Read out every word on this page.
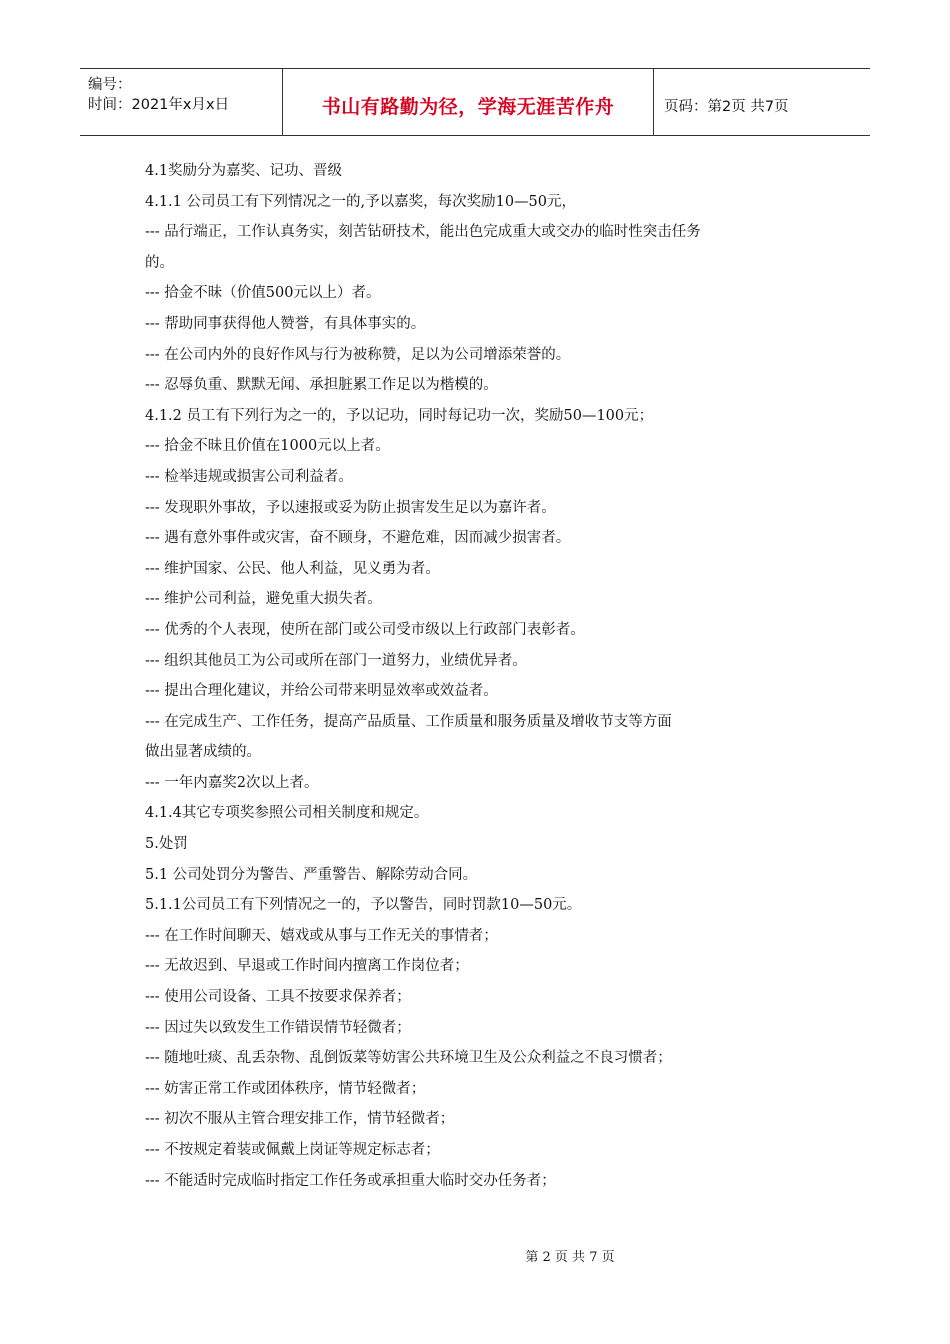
编号：
时间：2021年x月x日	书山有路勤为径，学海无涯苦作舟	页码：第2页 共7页
4.1奖励分为嘉奖、记功、晋级
4.1.1 公司员工有下列情况之一的,予以嘉奖，每次奖励10—50元，
--- 品行端正，工作认真务实，刻苦钻研技术，能出色完成重大或交办的临时性突击任务
的。
--- 拾金不昧（价值500元以上）者。
--- 帮助同事获得他人赞誉，有具体事实的。
--- 在公司内外的良好作风与行为被称赞，足以为公司增添荣誉的。
--- 忍辱负重、默默无闻、承担脏累工作足以为楷模的。
4.1.2 员工有下列行为之一的，予以记功，同时每记功一次，奖励50—100元；
--- 拾金不昧且价值在1000元以上者。
--- 检举违规或损害公司利益者。
--- 发现职外事故，予以速报或妥为防止损害发生足以为嘉许者。
--- 遇有意外事件或灾害，奋不顾身，不避危难，因而减少损害者。
--- 维护国家、公民、他人利益，见义勇为者。
--- 维护公司利益，避免重大损失者。
--- 优秀的个人表现，使所在部门或公司受市级以上行政部门表彰者。
--- 组织其他员工为公司或所在部门一道努力，业绩优异者。
--- 提出合理化建议，并给公司带来明显效率或效益者。
--- 在完成生产、工作任务，提高产品质量、工作质量和服务质量及增收节支等方面
做出显著成绩的。
--- 一年内嘉奖2次以上者。
4.1.4其它专项奖参照公司相关制度和规定。
5.处罚
5.1 公司处罚分为警告、严重警告、解除劳动合同。
5.1.1公司员工有下列情况之一的，予以警告，同时罚款10—50元。
--- 在工作时间聊天、嬉戏或从事与工作无关的事情者；
--- 无故迟到、早退或工作时间内擅离工作岗位者；
--- 使用公司设备、工具不按要求保养者；
--- 因过失以致发生工作错误情节轻微者；
--- 随地吐痰、乱丢杂物、乱倒饭菜等妨害公共环境卫生及公众利益之不良习惯者；
--- 妨害正常工作或团体秩序，情节轻微者；
--- 初次不服从主管合理安排工作，情节轻微者；
--- 不按规定着装或佩戴上岗证等规定标志者；
--- 不能适时完成临时指定工作任务或承担重大临时交办任务者；
第 2 页 共 7 页
